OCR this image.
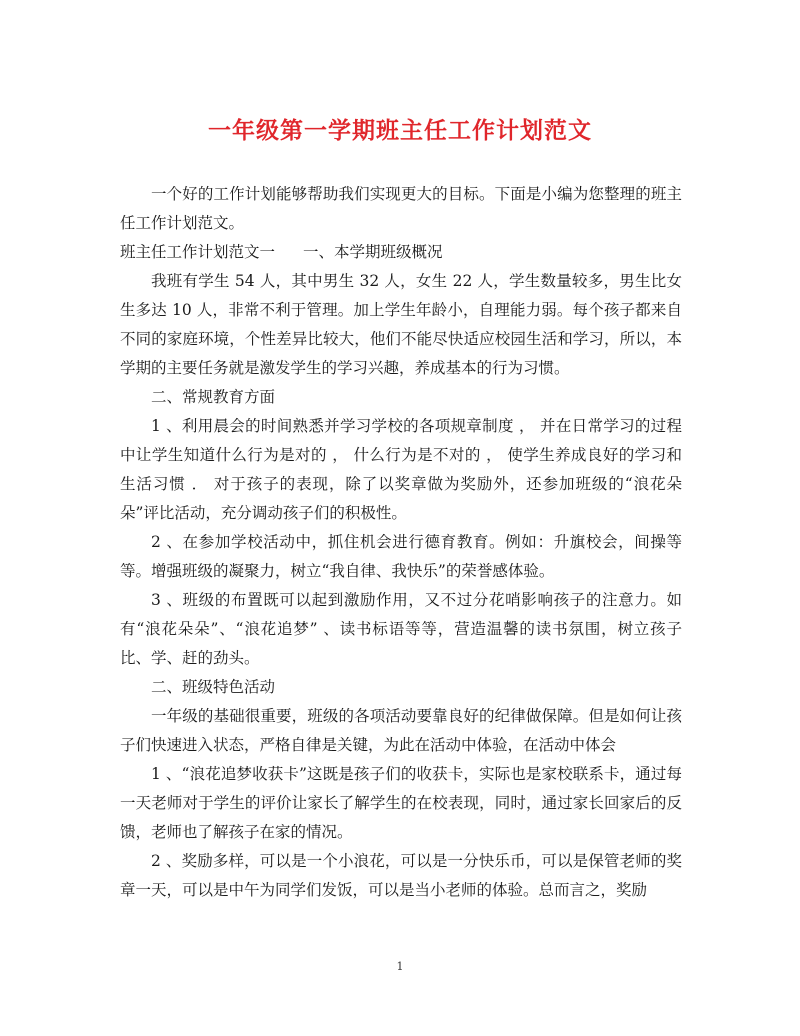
一年级第一学期班主任工作计划范文

一个好的工作计划能够帮助我们实现更大的目标。下面是小编为您整理的班主任工作计划范文。

班主任工作计划范文一 一、本学期班级概况

我班有学生 54 人，其中男生 32 人，女生 22 人，学生数量较多，男生比女生多达 10 人，非常不利于管理。加上学生年龄小，自理能力弱。每个孩子都来自不同的家庭环境，个性差异比较大，他们不能尽快适应校园生活和学习，所以，本学期的主要任务就是激发学生的学习兴趣，养成基本的行为习惯。

二、常规教育方面

1 、利用晨会的时间熟悉并学习学校的各项规章制度 ， 并在日常学习的过程中让学生知道什么行为是对的 ， 什么行为是不对的 ， 使学生养成良好的学习和生活习惯 ． 对于孩子的表现，除了以奖章做为奖励外，还参加班级的“浪花朵朵”评比活动，充分调动孩子们的积极性。

2 、在参加学校活动中，抓住机会进行德育教育。例如：升旗校会，间操等等。增强班级的凝聚力，树立“我自律、我快乐”的荣誉感体验。

3 、班级的布置既可以起到激励作用，又不过分花哨影响孩子的注意力。如有“浪花朵朵”、“浪花追梦” 、读书标语等等，营造温馨的读书氛围，树立孩子比、学、赶的劲头。

二、班级特色活动

一年级的基础很重要，班级的各项活动要靠良好的纪律做保障。但是如何让孩子们快速进入状态，严格自律是关键，为此在活动中体验，在活动中体会

1 、“浪花追梦收获卡”这既是孩子们的收获卡，实际也是家校联系卡，通过每一天老师对于学生的评价让家长了解学生的在校表现，同时，通过家长回家后的反馈，老师也了解孩子在家的情况。

2 、奖励多样，可以是一个小浪花，可以是一分快乐币，可以是保管老师的奖章一天，可以是中午为同学们发饭，可以是当小老师的体验。总而言之，奖励

1
